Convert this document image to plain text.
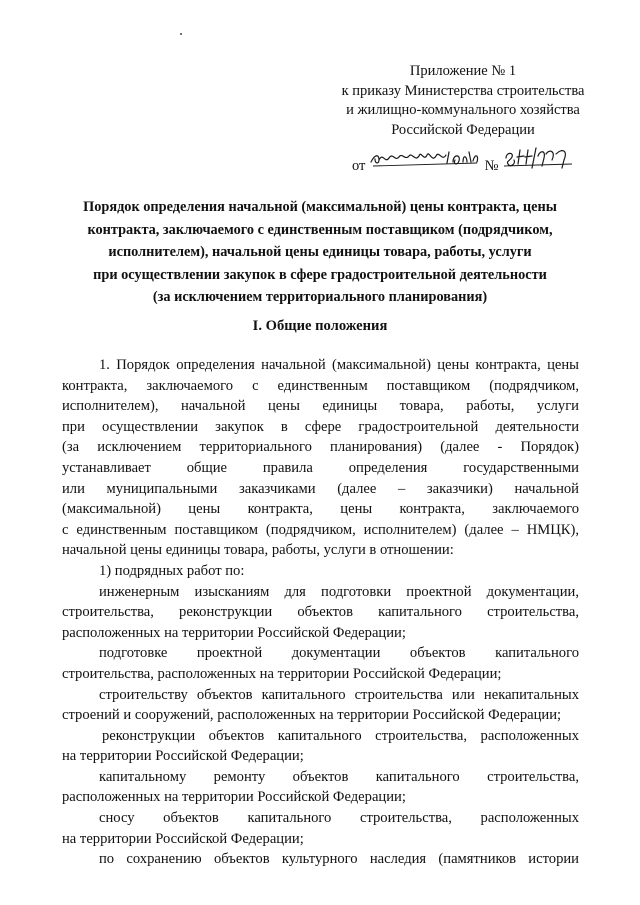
Приложение № 1
к приказу Министерства строительства
и жилищно-коммунального хозяйства
Российской Федерации
от	№
Порядок определения начальной (максимальной) цены контракта, цены
контракта, заключаемого с единственным поставщиком (подрядчиком,
исполнителем), начальной цены единицы товара, работы, услуги
при осуществлении закупок в сфере градостроительной деятельности
(за исключением территориального планирования)
I. Общие положения
1. Порядок определения начальной (максимальной) цены контракта, цены
контракта, заключаемого с единственным поставщиком (подрядчиком,
исполнителем), начальной цены единицы товара, работы, услуги
при осуществлении закупок в сфере градостроительной деятельности
(за исключением территориального планирования) (далее - Порядок)
устанавливает общие правила определения государственными
или муниципальными заказчиками (далее – заказчики) начальной
(максимальной) цены контракта, цены контракта, заключаемого
с единственным поставщиком (подрядчиком, исполнителем) (далее – НМЦК),
начальной цены единицы товара, работы, услуги в отношении:
1) подрядных работ по:
инженерным изысканиям для подготовки проектной документации,
строительства, реконструкции объектов капитального строительства,
расположенных на территории Российской Федерации;
подготовке проектной документации объектов капитального
строительства, расположенных на территории Российской Федерации;
строительству объектов капитального строительства или некапитальных
строений и сооружений, расположенных на территории Российской Федерации;
реконструкции объектов капитального строительства, расположенных
на территории Российской Федерации;
капитальному ремонту объектов капитального строительства,
расположенных на территории Российской Федерации;
сносу объектов капитального строительства, расположенных
на территории Российской Федерации;
по сохранению объектов культурного наследия (памятников истории
